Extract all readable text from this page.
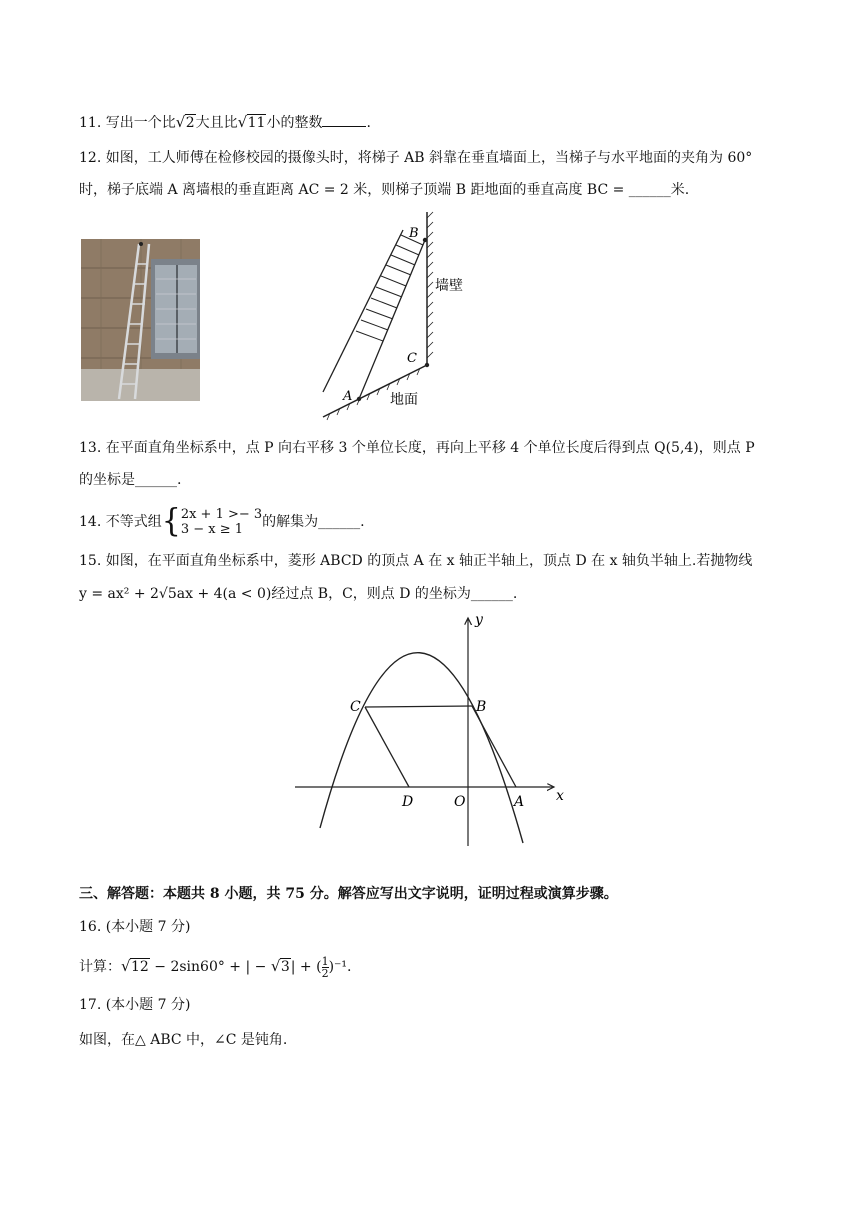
11. 写出一个比 √ 2大且比 √ 11小的整数	.
12. 如图，工人师傅在检修校园的摄像头时，将梯子 AB 斜靠在垂直墙面上，当梯子与水平地面的夹角为 60°
时，梯子底端 A 离墙根的垂直距离 AC = 2 米，则梯子顶端 B 距地面的垂直高度 BC = ______米.
B
C
A
墙壁
地面
13. 在平面直角坐标系中，点 P 向右平移 3 个单位长度，再向上平移 4 个单位长度后得到点 Q(5,4)，则点 P
的坐标是______.
14. 不等式组{2x + 1 >− 3
3 − x ≥ 1 的解集为______.
15. 如图，在平面直角坐标系中，菱形 ABCD 的顶点 A 在 x 轴正半轴上，顶点 D 在 x 轴负半轴上.若抛物线
y = ax² + 2√5ax + 4(a < 0)经过点 B，C，则点 D 的坐标为______.
C	B
D	O	A x
y
三、解答题：本题共 8 小题，共 75 分。解答应写出文字说明，证明过程或演算步骤。
16. (本小题 7 分)
计算： √ 12 − 2sin60° + | − √ 3| + ( $\frac{1}{2})^{-1}$.
17. (本小题 7 分)
如图，在△ ABC 中，∠C 是钝角.
